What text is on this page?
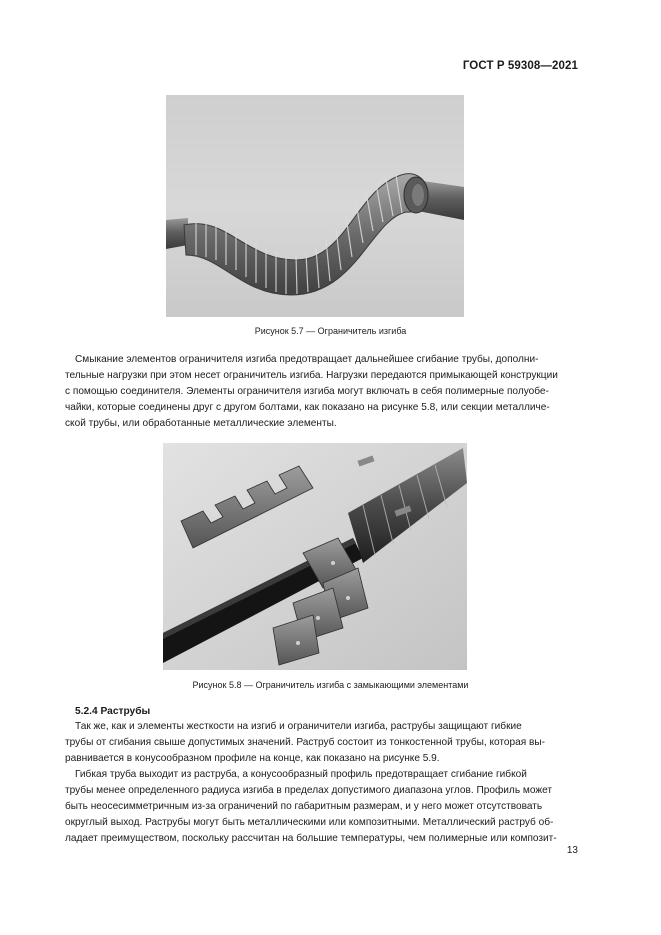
ГОСТ Р 59308—2021
Рисунок 5.7 — Ограничитель изгиба
Смыкание элементов ограничителя изгиба предотвращает дальнейшее сгибание трубы, дополни-
тельные нагрузки при этом несет ограничитель изгиба. Нагрузки передаются примыкающей конструкции
с помощью соединителя. Элементы ограничителя изгиба могут включать в себя полимерные полуобе-
чайки, которые соединены друг с другом болтами, как показано на рисунке 5.8, или секции металличе-
ской трубы, или обработанные металлические элементы.
Рисунок 5.8 — Ограничитель изгиба с замыкающими элементами
5.2.4 Раструбы
Так же, как и элементы жесткости на изгиб и ограничители изгиба, раструбы защищают гибкие
трубы от сгибания свыше допустимых значений. Раструб состоит из тонкостенной трубы, которая вы-
равнивается в конусообразном профиле на конце, как показано на рисунке 5.9.
Гибкая труба выходит из раструба, а конусообразный профиль предотвращает сгибание гибкой
трубы менее определенного радиуса изгиба в пределах допустимого диапазона углов. Профиль может
быть неосесимметричным из-за ограничений по габаритным размерам, и у него может отсутствовать
округлый выход. Раструбы могут быть металлическими или композитными. Металлический раструб об-
ладает преимуществом, поскольку рассчитан на большие температуры, чем полимерные или композит-
13
